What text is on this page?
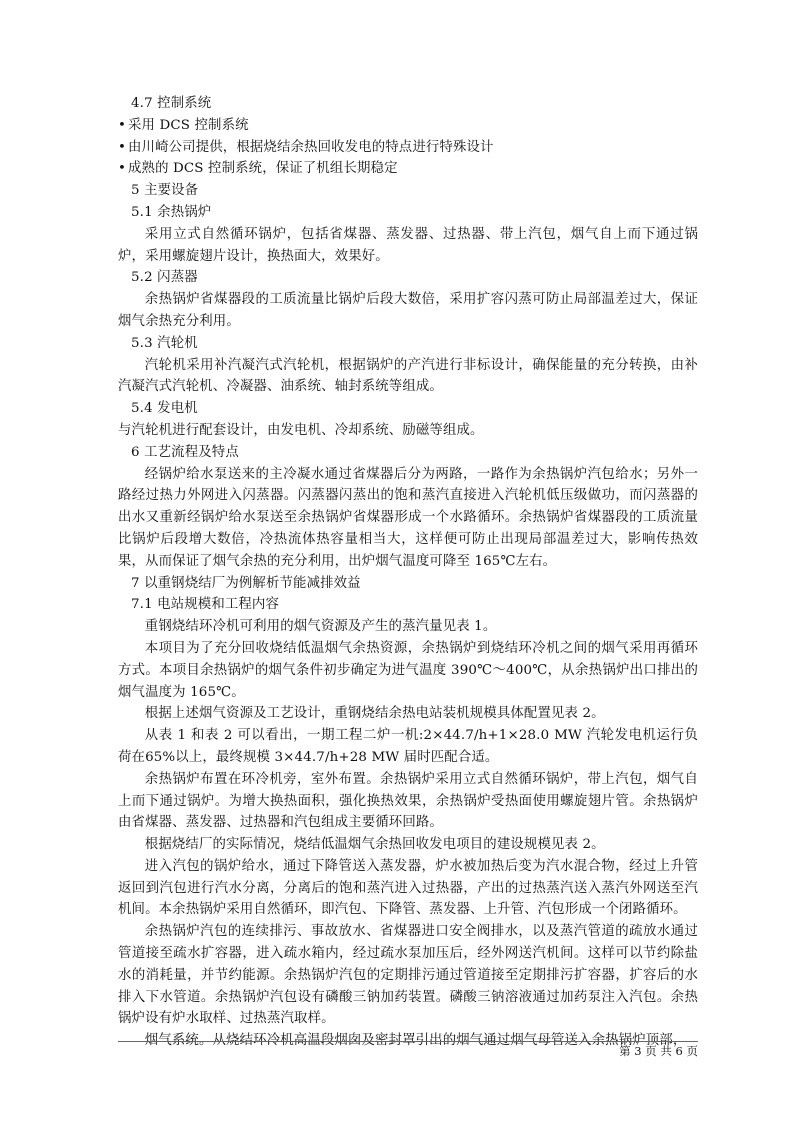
4.7 控制系统

• 采用 DCS 控制系统

• 由川崎公司提供，根据烧结余热回收发电的特点进行特殊设计

• 成熟的 DCS 控制系统，保证了机组长期稳定

5 主要设备

5.1 余热锅炉

采用立式自然循环锅炉，包括省煤器、蒸发器、过热器、带上汽包，烟气自上而下通过锅炉，采用螺旋翅片设计，换热面大，效果好。

5.2 闪蒸器

余热锅炉省煤器段的工质流量比锅炉后段大数倍，采用扩容闪蒸可防止局部温差过大，保证烟气余热充分利用。

5.3 汽轮机

汽轮机采用补汽凝汽式汽轮机，根据锅炉的产汽进行非标设计，确保能量的充分转换，由补汽凝汽式汽轮机、冷凝器、油系统、轴封系统等组成。

5.4 发电机

与汽轮机进行配套设计，由发电机、冷却系统、励磁等组成。

6 工艺流程及特点

经锅炉给水泵送来的主冷凝水通过省煤器后分为两路，一路作为余热锅炉汽包给水；另外一路经过热力外网进入闪蒸器。闪蒸器闪蒸出的饱和蒸汽直接进入汽轮机低压级做功，而闪蒸器的出水又重新经锅炉给水泵送至余热锅炉省煤器形成一个水路循环。余热锅炉省煤器段的工质流量比锅炉后段增大数倍，冷热流体热容量相当大，这样便可防止出现局部温差过大，影响传热效果，从而保证了烟气余热的充分利用，出炉烟气温度可降至 165℃左右。

7 以重钢烧结厂为例解析节能减排效益

7.1 电站规模和工程内容

重钢烧结环冷机可利用的烟气资源及产生的蒸汽量见表 1。

本项目为了充分回收烧结低温烟气余热资源，余热锅炉到烧结环冷机之间的烟气采用再循环方式。本项目余热锅炉的烟气条件初步确定为进气温度 390℃～400℃，从余热锅炉出口排出的烟气温度为 165℃。

根据上述烟气资源及工艺设计，重钢烧结余热电站装机规模具体配置见表 2。

从表 1 和表 2 可以看出，一期工程二炉一机:2×44.7/h+1×28.0 MW 汽轮发电机运行负荷在65%以上，最终规模 3×44.7/h+28 MW 届时匹配合适。

余热锅炉布置在环冷机旁，室外布置。余热锅炉采用立式自然循环锅炉，带上汽包，烟气自上而下通过锅炉。为增大换热面积，强化换热效果，余热锅炉受热面使用螺旋翅片管。余热锅炉由省煤器、蒸发器、过热器和汽包组成主要循环回路。

根据烧结厂的实际情况，烧结低温烟气余热回收发电项目的建设规模见表 2。

进入汽包的锅炉给水，通过下降管送入蒸发器，炉水被加热后变为汽水混合物，经过上升管返回到汽包进行汽水分离，分离后的饱和蒸汽进入过热器，产出的过热蒸汽送入蒸汽外网送至汽机间。本余热锅炉采用自然循环，即汽包、下降管、蒸发器、上升管、汽包形成一个闭路循环。

余热锅炉汽包的连续排污、事故放水、省煤器进口安全阀排水，以及蒸汽管道的疏放水通过管道接至疏水扩容器，进入疏水箱内，经过疏水泵加压后，经外网送汽机间。这样可以节约除盐水的消耗量，并节约能源。余热锅炉汽包的定期排污通过管道接至定期排污扩容器，扩容后的水排入下水管道。余热锅炉汽包设有磷酸三钠加药装置。磷酸三钠溶液通过加药泵注入汽包。余热锅炉设有炉水取样、过热蒸汽取样。

烟气系统。从烧结环冷机高温段烟囱及密封罩引出的烟气通过烟气母管送入余热锅炉顶部，

第 3 页 共 6 页
